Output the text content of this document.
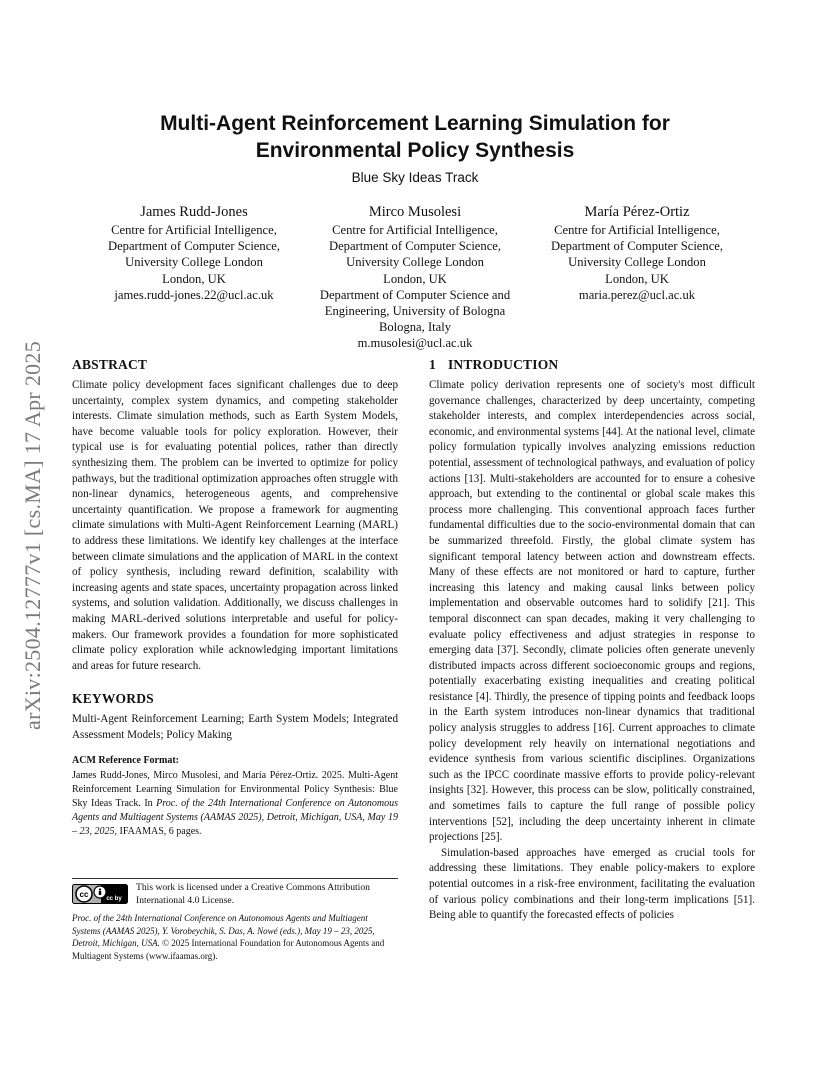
arXiv:2504.12777v1 [cs.MA] 17 Apr 2025
Multi-Agent Reinforcement Learning Simulation for
Environmental Policy Synthesis
Blue Sky Ideas Track
James Rudd-Jones
Centre for Artificial Intelligence,
Department of Computer Science,
University College London
London, UK
james.rudd-jones.22@ucl.ac.uk
Mirco Musolesi
Centre for Artificial Intelligence,
Department of Computer Science,
University College London
London, UK
Department of Computer Science and
Engineering, University of Bologna
Bologna, Italy
m.musolesi@ucl.ac.uk
María Pérez-Ortiz
Centre for Artificial Intelligence,
Department of Computer Science,
University College London
London, UK
maria.perez@ucl.ac.uk
ABSTRACT

Climate policy development faces significant challenges due to deep uncertainty, complex system dynamics, and competing stakeholder interests. Climate simulation methods, such as Earth System Models, have become valuable tools for policy exploration. However, their typical use is for evaluating potential polices, rather than directly synthesizing them. The problem can be inverted to optimize for policy pathways, but the traditional optimization approaches often struggle with non-linear dynamics, heterogeneous agents, and comprehensive uncertainty quantification. We propose a framework for augmenting climate simulations with Multi-Agent Reinforcement Learning (MARL) to address these limitations. We identify key challenges at the interface between climate simulations and the application of MARL in the context of policy synthesis, including reward definition, scalability with increasing agents and state spaces, uncertainty propagation across linked systems, and solution validation. Additionally, we discuss challenges in making MARL-derived solutions interpretable and useful for policy-makers. Our framework provides a foundation for more sophisticated climate policy exploration while acknowledging important limitations and areas for future research.

KEYWORDS

Multi-Agent Reinforcement Learning; Earth System Models; Integrated Assessment Models; Policy Making

ACM Reference Format:

James Rudd-Jones, Mirco Musolesi, and María Pérez-Ortiz. 2025. Multi-Agent Reinforcement Learning Simulation for Environmental Policy Synthesis: Blue Sky Ideas Track. In Proc. of the 24th International Conference on Autonomous Agents and Multiagent Systems (AAMAS 2025), Detroit, Michigan, USA, May 19 – 23, 2025, IFAAMAS, 6 pages.

cc	cc by
This work is licensed under a Creative Commons Attribution International 4.0 License.
Proc. of the 24th International Conference on Autonomous Agents and Multiagent Systems (AAMAS 2025), Y. Vorobeychik, S. Das, A. Nowé (eds.), May 19 – 23, 2025, Detroit, Michigan, USA. © 2025 International Foundation for Autonomous Agents and Multiagent Systems (www.ifaamas.org).
1 INTRODUCTION

Climate policy derivation represents one of society's most difficult governance challenges, characterized by deep uncertainty, competing stakeholder interests, and complex interdependencies across social, economic, and environmental systems [44]. At the national level, climate policy formulation typically involves analyzing emissions reduction potential, assessment of technological pathways, and evaluation of policy actions [13]. Multi-stakeholders are accounted for to ensure a cohesive approach, but extending to the continental or global scale makes this process more challenging. This conventional approach faces further fundamental difficulties due to the socio-environmental domain that can be summarized threefold. Firstly, the global climate system has significant temporal latency between action and downstream effects. Many of these effects are not monitored or hard to capture, further increasing this latency and making causal links between policy implementation and observable outcomes hard to solidify [21]. This temporal disconnect can span decades, making it very challenging to evaluate policy effectiveness and adjust strategies in response to emerging data [37]. Secondly, climate policies often generate unevenly distributed impacts across different socioeconomic groups and regions, potentially exacerbating existing inequalities and creating political resistance [4]. Thirdly, the presence of tipping points and feedback loops in the Earth system introduces non-linear dynamics that traditional policy analysis struggles to address [16]. Current approaches to climate policy development rely heavily on international negotiations and evidence synthesis from various scientific disciplines. Organizations such as the IPCC coordinate massive efforts to provide policy-relevant insights [32]. However, this process can be slow, politically constrained, and sometimes fails to capture the full range of possible policy interventions [52], including the deep uncertainty inherent in climate projections [25].

Simulation-based approaches have emerged as crucial tools for addressing these limitations. They enable policy-makers to explore potential outcomes in a risk-free environment, facilitating the evaluation of various policy combinations and their long-term implications [51]. Being able to quantify the forecasted effects of policies
